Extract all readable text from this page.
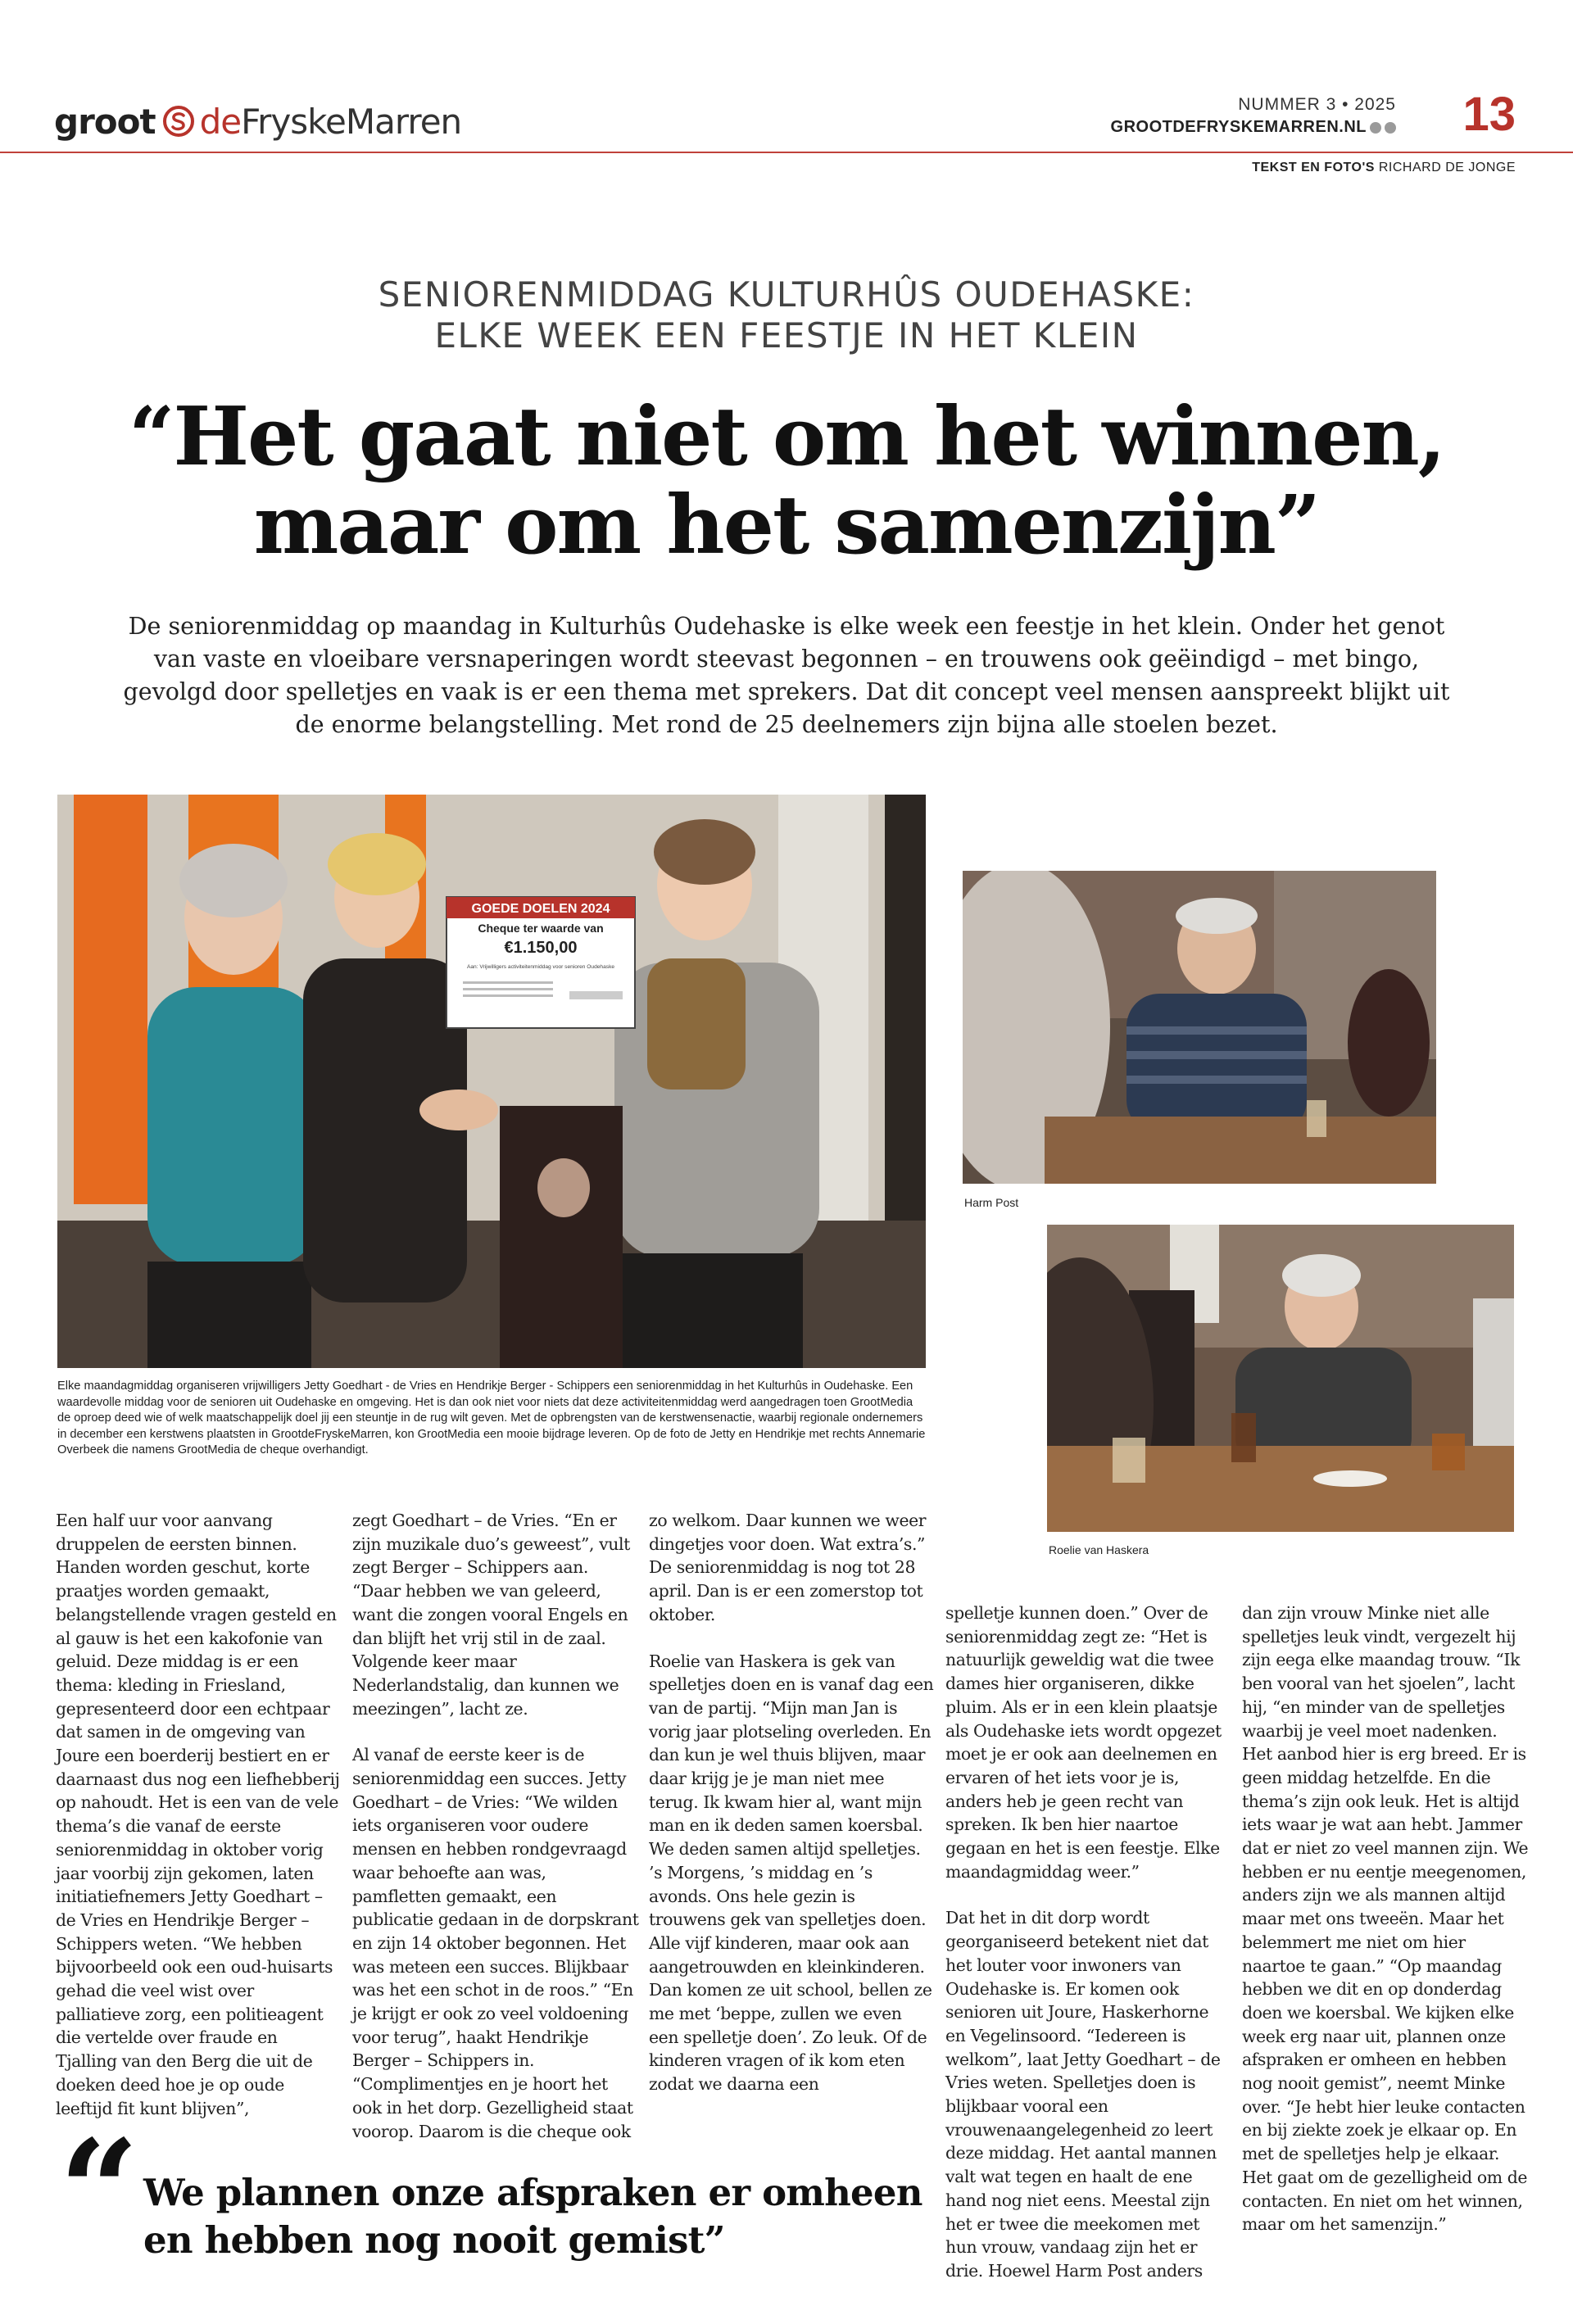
groot deFryskeMarren	NUMMER 3 • 2025
GROOTDEFRYSKEMARREN.NL 13
TEKST EN FOTO'S RICHARD DE JONGE
SENIORENMIDDAG KULTURHÛS OUDEHASKE:
ELKE WEEK EEN FEESTJE IN HET KLEIN
“Het gaat niet om het winnen,
maar om het samenzijn”

De seniorenmiddag op maandag in Kulturhûs Oudehaske is elke week een feestje in het klein. Onder het genot van vaste en vloeibare versnaperingen wordt steevast begonnen – en trouwens ook geëindigd – met bingo, gevolgd door spelletjes en vaak is er een thema met sprekers. Dat dit concept veel mensen aanspreekt blijkt uit de enorme belangstelling. Met rond de 25 deelnemers zijn bijna alle stoelen bezet.

GOEDE DOELEN 2024
Cheque ter waarde van
€1.150,00
Aan: Vrijwilligers activiteitenmiddag voor senioren Oudehaske

Elke maandagmiddag organiseren vrijwilligers Jetty Goedhart - de Vries en Hendrikje Berger - Schippers een seniorenmiddag in het Kulturhûs in Oudehaske. Een waardevolle middag voor de senioren uit Oudehaske en omgeving. Het is dan ook niet voor niets dat deze activiteitenmiddag werd aangedragen toen GrootMedia de oproep deed wie of welk maatschappelijk doel jij een steuntje in de rug wilt geven. Met de opbrengsten van de kerstwensenactie, waarbij regionale ondernemers in december een kerstwens plaatsten in GrootdeFryskeMarren, kon GrootMedia een mooie bijdrage leveren. Op de foto de Jetty en Hendrikje met rechts Annemarie Overbeek die namens GrootMedia de cheque overhandigt.

Harm Post
Roelie van Haskera

Een half uur voor aanvang druppelen de eersten binnen. Handen worden geschut, korte praatjes worden gemaakt, belangstellende vragen gesteld en al gauw is het een kakofonie van geluid. Deze middag is er een thema: kleding in Friesland, gepresenteerd door een echtpaar dat samen in de omgeving van Joure een boerderij bestiert en er daarnaast dus nog een liefhebberij op nahoudt. Het is een van de vele thema’s die vanaf de eerste seniorenmiddag in oktober vorig jaar voorbij zijn gekomen, laten initiatiefnemers Jetty Goedhart – de Vries en Hendrikje Berger – Schippers weten. “We hebben bijvoorbeeld ook een oud-huisarts gehad die veel wist over palliatieve zorg, een politieagent die vertelde over fraude en Tjalling van den Berg die uit de doeken deed hoe je op oude leeftijd fit kunt blijven”,

zegt Goedhart – de Vries. “En er zijn muzikale duo’s geweest”, vult zegt Berger – Schippers aan. “Daar hebben we van geleerd, want die zongen vooral Engels en dan blijft het vrij stil in de zaal. Volgende keer maar Nederlandstalig, dan kunnen we meezingen”, lacht ze.

Al vanaf de eerste keer is de seniorenmiddag een succes. Jetty Goedhart – de Vries: “We wilden iets organiseren voor oudere mensen en hebben rondgevraagd waar behoefte aan was, pamfletten gemaakt, een publicatie gedaan in de dorpskrant en zijn 14 oktober begonnen. Het was meteen een succes. Blijkbaar was het een schot in de roos.” “En je krijgt er ook zo veel voldoening voor terug”, haakt Hendrikje Berger – Schippers in. “Complimentjes en je hoort het ook in het dorp. Gezelligheid staat voorop. Daarom is die cheque ook

zo welkom. Daar kunnen we weer dingetjes voor doen. Wat extra’s.” De seniorenmiddag is nog tot 28 april. Dan is er een zomerstop tot oktober.

Roelie van Haskera is gek van spelletjes doen en is vanaf dag een van de partij. “Mijn man Jan is vorig jaar plotseling overleden. En dan kun je wel thuis blijven, maar daar krijg je je man niet mee terug. Ik kwam hier al, want mijn man en ik deden samen koersbal. We deden samen altijd spelletjes. ’s Morgens, ’s middag en ’s avonds. Ons hele gezin is trouwens gek van spelletjes doen. Alle vijf kinderen, maar ook aan aangetrouwden en kleinkinderen. Dan komen ze uit school, bellen ze me met ‘beppe, zullen we even een spelletje doen’. Zo leuk. Of de kinderen vragen of ik kom eten zodat we daarna een

spelletje kunnen doen.” Over de seniorenmiddag zegt ze: “Het is natuurlijk geweldig wat die twee dames hier organiseren, dikke pluim. Als er in een klein plaatsje als Oudehaske iets wordt opgezet moet je er ook aan deelnemen en ervaren of het iets voor je is, anders heb je geen recht van spreken. Ik ben hier naartoe gegaan en het is een feestje. Elke maandagmiddag weer.”

Dat het in dit dorp wordt georganiseerd betekent niet dat het louter voor inwoners van Oudehaske is. Er komen ook senioren uit Joure, Haskerhorne en Vegelinsoord. “Iedereen is welkom”, laat Jetty Goedhart – de Vries weten. Spelletjes doen is blijkbaar vooral een vrouwenaangelegenheid zo leert deze middag. Het aantal mannen valt wat tegen en haalt de ene hand nog niet eens. Meestal zijn het er twee die meekomen met hun vrouw, vandaag zijn het er drie. Hoewel Harm Post anders

dan zijn vrouw Minke niet alle spelletjes leuk vindt, vergezelt hij zijn eega elke maandag trouw. “Ik ben vooral van het sjoelen”, lacht hij, “en minder van de spelletjes waarbij je veel moet nadenken. Het aanbod hier is erg breed. Er is geen middag hetzelfde. En die thema’s zijn ook leuk. Het is altijd iets waar je wat aan hebt. Jammer dat er niet zo veel mannen zijn. We hebben er nu eentje meegenomen, anders zijn we als mannen altijd maar met ons tweeën. Maar het belemmert me niet om hier naartoe te gaan.” “Op maandag hebben we dit en op donderdag doen we koersbal. We kijken elke week erg naar uit, plannen onze afspraken er omheen en hebben nog nooit gemist”, neemt Minke over. “Je hebt hier leuke contacten en bij ziekte zoek je elkaar op. En met de spelletjes help je elkaar. Het gaat om de gezelligheid om de contacten. En niet om het winnen, maar om het samenzijn.”

“ We plannen onze afspraken er omheen en hebben nog nooit gemist”
